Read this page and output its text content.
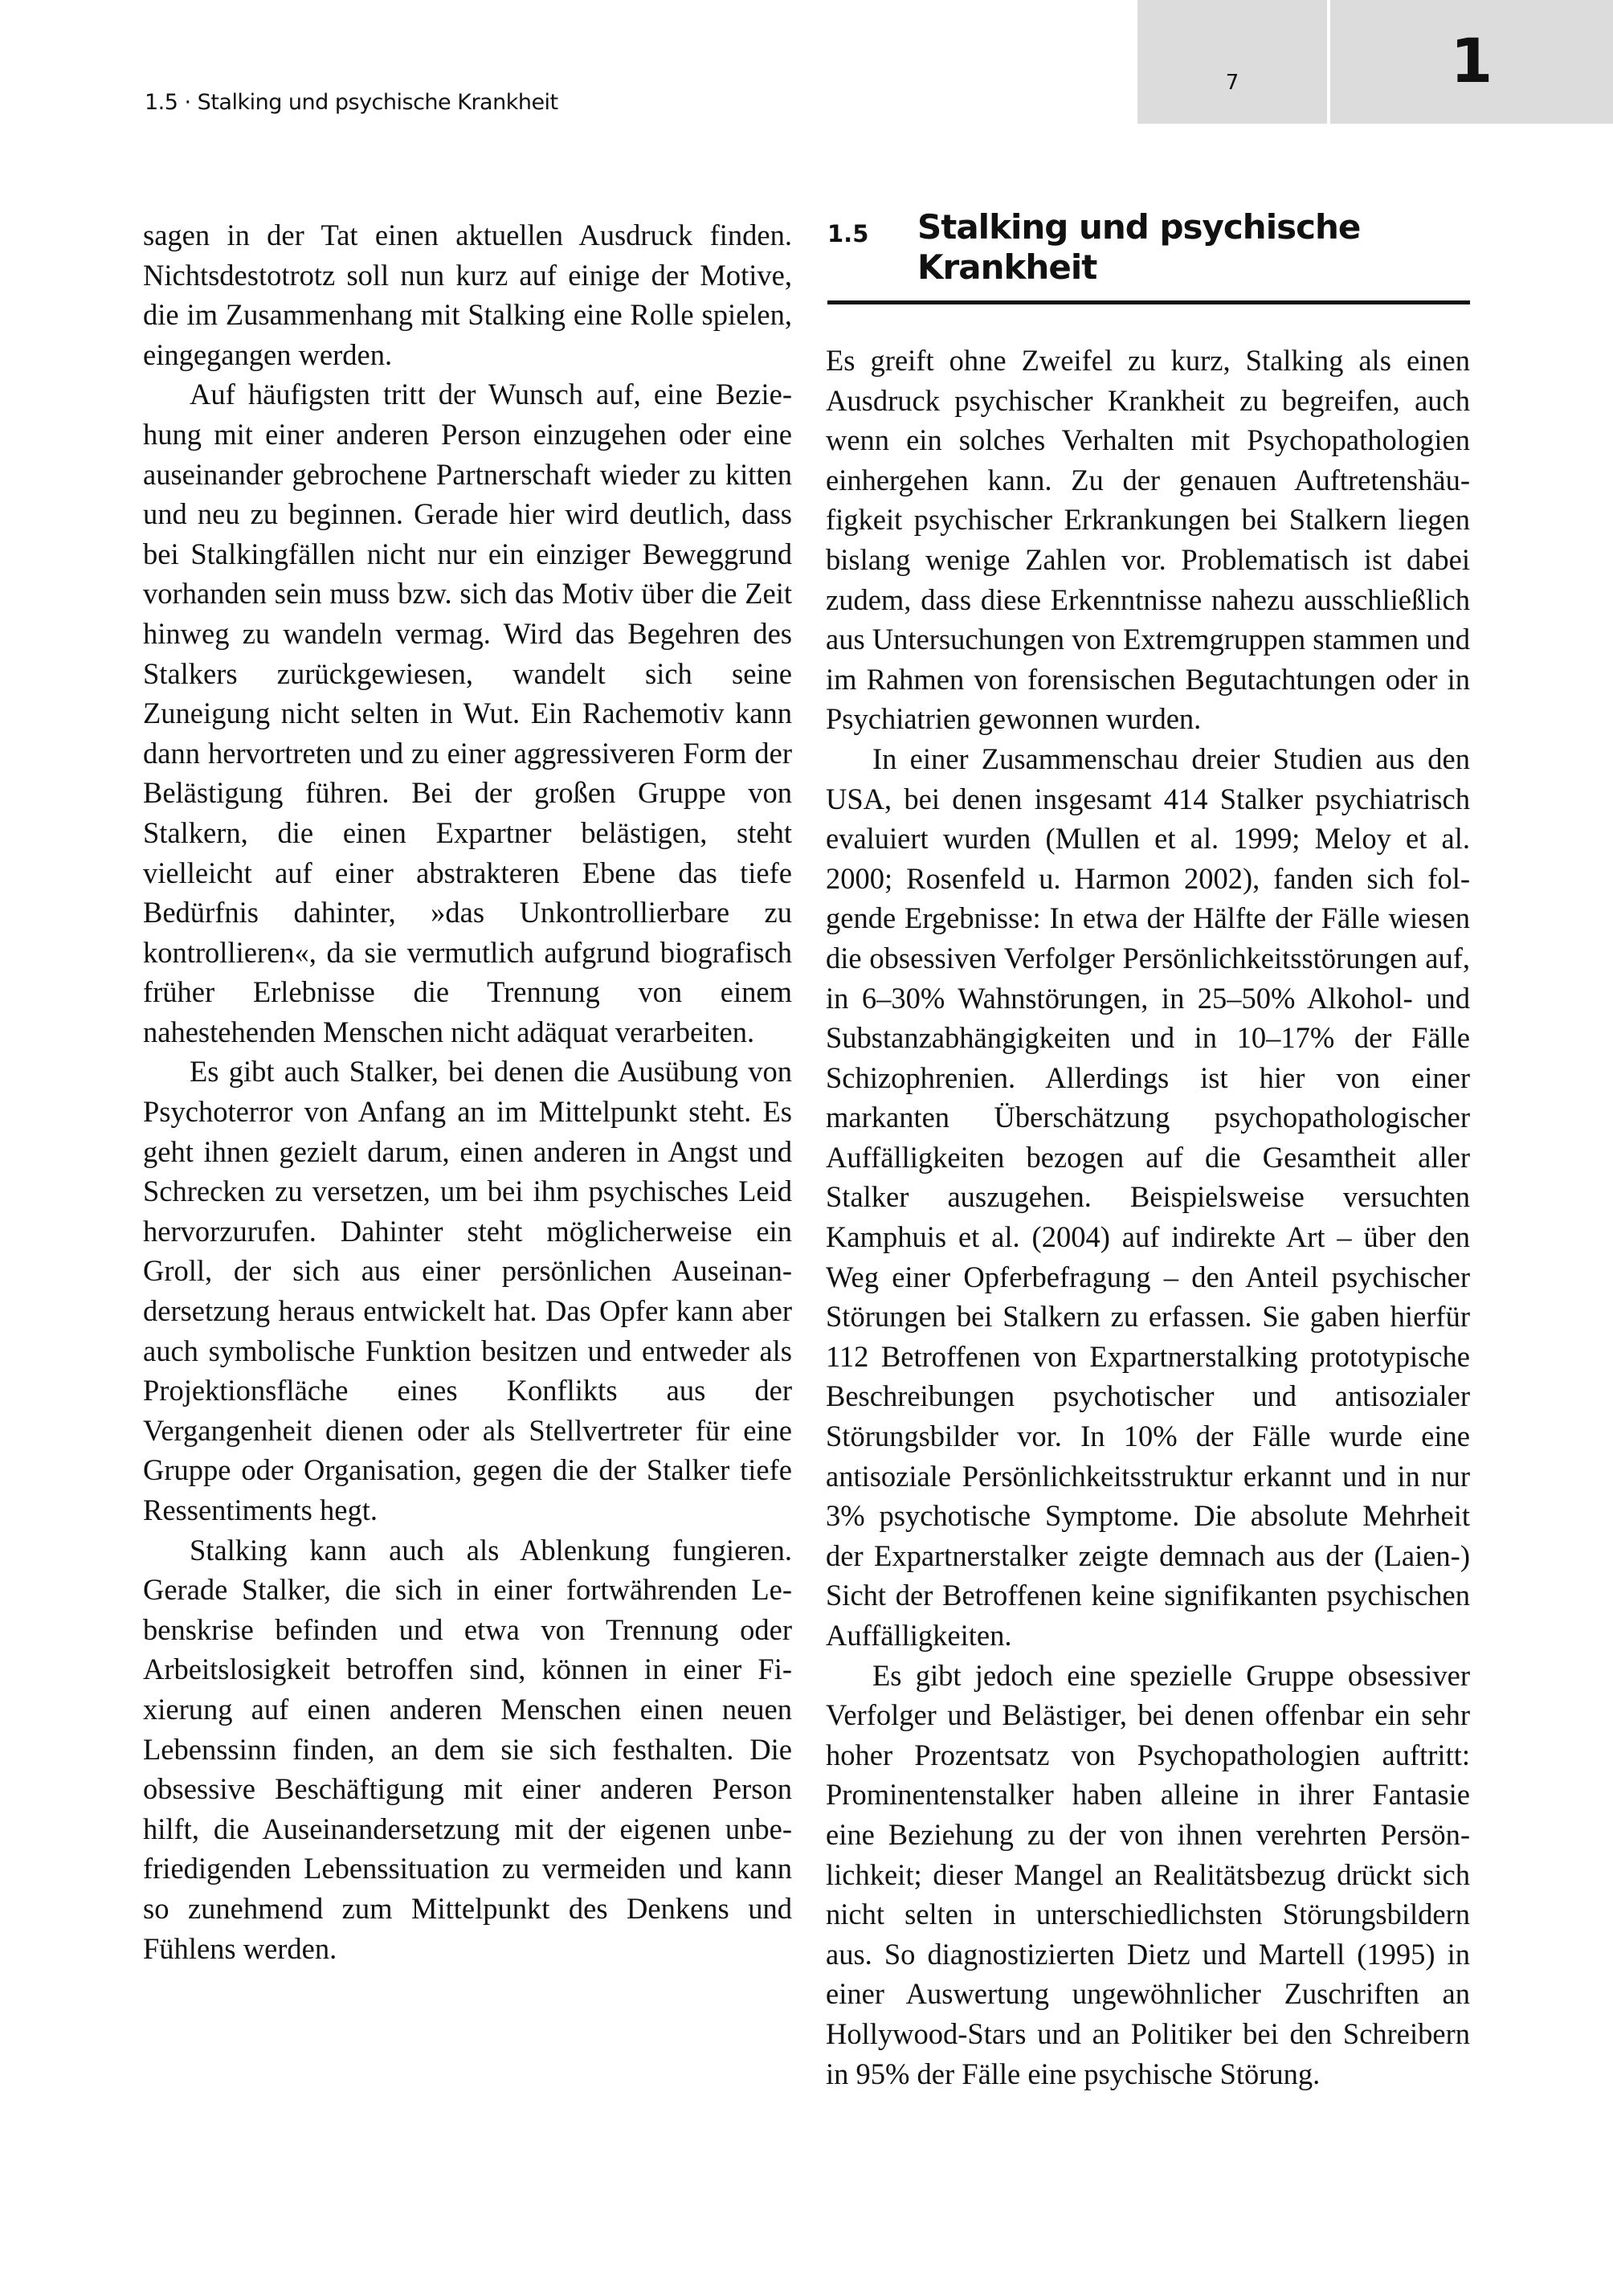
1.5 · Stalking und psychische Krankheit
7	1

sagen in der Tat einen aktuellen Ausdruck finden. Nichtsdestotrotz soll nun kurz auf einige der Motive, die im Zusammenhang mit Stalking eine Rolle spielen, eingegangen werden.

Auf häufigsten tritt der Wunsch auf, eine Beziehung mit einer anderen Person einzugehen oder eine auseinander gebrochene Partnerschaft wieder zu kitten und neu zu beginnen. Gerade hier wird deutlich, dass bei Stalkingfällen nicht nur ein einziger Beweggrund vorhanden sein muss bzw. sich das Motiv über die Zeit hinweg zu wandeln vermag. Wird das Begehren des Stalkers zurückgewiesen, wandelt sich seine Zuneigung nicht selten in Wut. Ein Rachemotiv kann dann hervortreten und zu einer aggressiveren Form der Belästigung führen. Bei der großen Gruppe von Stalkern, die einen Expartner belästigen, steht vielleicht auf einer abstrakteren Ebene das tiefe Bedürfnis dahinter, »das Unkontrollierbare zu kontrollieren«, da sie vermutlich aufgrund biografisch früher Erlebnisse die Trennung von einem nahestehenden Menschen nicht adäquat verarbeiten.

Es gibt auch Stalker, bei denen die Ausübung von Psychoterror von Anfang an im Mittelpunkt steht. Es geht ihnen gezielt darum, einen anderen in Angst und Schrecken zu versetzen, um bei ihm psychisches Leid hervorzurufen. Dahinter steht möglicherweise ein Groll, der sich aus einer persönlichen Auseinandersetzung heraus entwickelt hat. Das Opfer kann aber auch symbolische Funktion besitzen und entweder als Projektionsfläche eines Konflikts aus der Vergangenheit dienen oder als Stellvertreter für eine Gruppe oder Organisation, gegen die der Stalker tiefe Ressentiments hegt.

Stalking kann auch als Ablenkung fungieren. Gerade Stalker, die sich in einer fortwährenden Lebenskrise befinden und etwa von Trennung oder Arbeitslosigkeit betroffen sind, können in einer Fixierung auf einen anderen Menschen einen neuen Lebenssinn finden, an dem sie sich festhalten. Die obsessive Beschäftigung mit einer anderen Person hilft, die Auseinandersetzung mit der eigenen unbefriedigenden Lebenssituation zu vermeiden und kann so zunehmend zum Mittelpunkt des Denkens und Fühlens werden.

1.5 Stalking und psychische
Krankheit

Es greift ohne Zweifel zu kurz, Stalking als einen Ausdruck psychischer Krankheit zu begreifen, auch wenn ein solches Verhalten mit Psychopathologien einhergehen kann. Zu der genauen Auftretenshäufigkeit psychischer Erkrankungen bei Stalkern liegen bislang wenige Zahlen vor. Problematisch ist dabei zudem, dass diese Erkenntnisse nahezu ausschließlich aus Untersuchungen von Extremgruppen stammen und im Rahmen von forensischen Begutachtungen oder in Psychiatrien gewonnen wurden.

In einer Zusammenschau dreier Studien aus den USA, bei denen insgesamt 414 Stalker psychiatrisch evaluiert wurden (Mullen et al. 1999; Meloy et al. 2000; Rosenfeld u. Harmon 2002), fanden sich folgende Ergebnisse: In etwa der Hälfte der Fälle wiesen die obsessiven Verfolger Persönlichkeitsstörungen auf, in 6–30% Wahnstörungen, in 25–50% Alkohol- und Substanzabhängigkeiten und in 10–17% der Fälle Schizophrenien. Allerdings ist hier von einer markanten Überschätzung psychopathologischer Auffälligkeiten bezogen auf die Gesamtheit aller Stalker auszugehen. Beispielsweise versuchten Kamphuis et al. (2004) auf indirekte Art – über den Weg einer Opferbefragung – den Anteil psychischer Störungen bei Stalkern zu erfassen. Sie gaben hierfür 112 Betroffenen von Expartnerstalking prototypische Beschreibungen psychotischer und antisozialer Störungsbilder vor. In 10% der Fälle wurde eine antisoziale Persönlichkeitsstruktur erkannt und in nur 3% psychotische Symptome. Die absolute Mehrheit der Expartnerstalker zeigte demnach aus der (Laien-) Sicht der Betroffenen keine signifikanten psychischen Auffälligkeiten.

Es gibt jedoch eine spezielle Gruppe obsessiver Verfolger und Belästiger, bei denen offenbar ein sehr hoher Prozentsatz von Psychopathologien auftritt: Prominentenstalker haben alleine in ihrer Fantasie eine Beziehung zu der von ihnen verehrten Persönlichkeit; dieser Mangel an Realitätsbezug drückt sich nicht selten in unterschiedlichsten Störungsbildern aus. So diagnostizierten Dietz und Martell (1995) in einer Auswertung ungewöhnlicher Zuschriften an Hollywood-Stars und an Politiker bei den Schreibern in 95% der Fälle eine psychische Störung.
